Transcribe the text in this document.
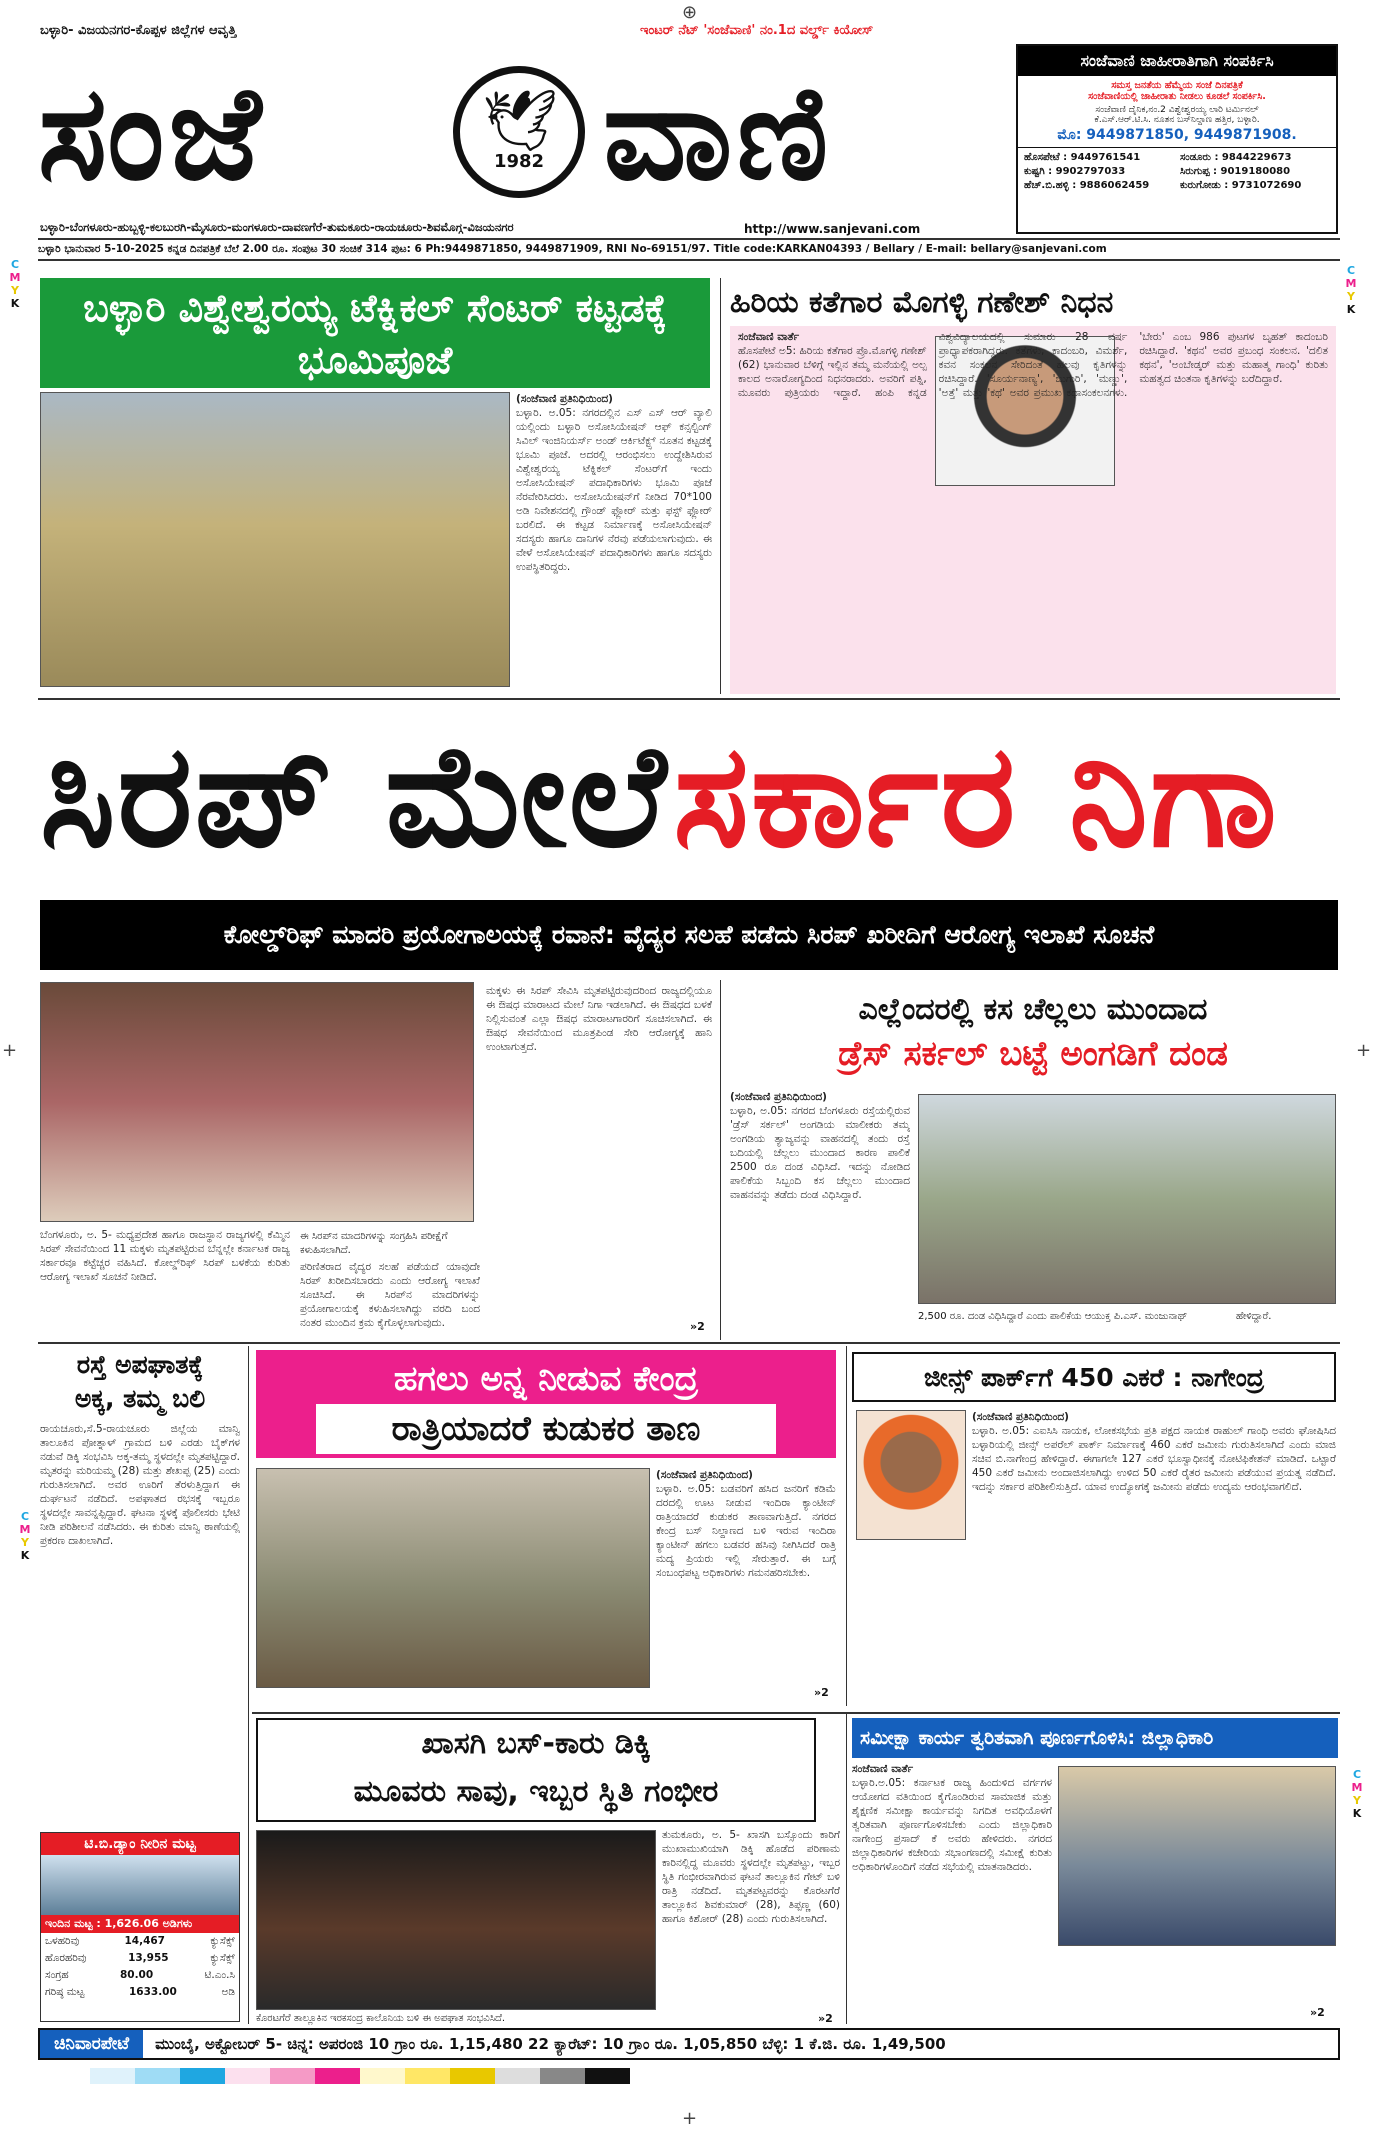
⊕
C
M
Y
K
C
M
Y
K
C
M
Y
K
C
M
Y
K
+	+
+
ಬಳ್ಳಾರಿ- ವಿಜಯನಗರ-ಕೊಪ್ಪಳ ಜಿಲ್ಲೆಗಳ ಆವೃತ್ತಿ	ಇಂಟರ್ ನೆಟ್ 'ಸಂಜೆವಾಣಿ' ನಂ.1ದ ವರ್ಲ್ಡ್ ಕಿಯೋಸ್
ಸಂಜೆ	🕊
1982 ವಾಣಿ
ಬಳ್ಳಾರಿ-ಬೆಂಗಳೂರು-ಹುಬ್ಬಳ್ಳಿ-ಕಲಬುರಗಿ-ಮೈಸೂರು-ಮಂಗಳೂರು-ದಾವಣಗೆರೆ-ತುಮಕೂರು-ರಾಯಚೂರು-ಶಿವಮೊಗ್ಗ-ವಿಜಯನಗರ	http://www.sanjevani.com
ಸಂಜೆವಾಣಿ ಜಾಹೀರಾತಿಗಾಗಿ ಸಂಪರ್ಕಿಸಿ
ಸಮಸ್ತ ಜನತೆಯ ಹೆಮ್ಮೆಯ ಸಂಜೆ ದಿನಪತ್ರಿಕೆ
ಸಂಜೆವಾಣಿಯಲ್ಲಿ ಜಾಹೀರಾತು ನೀಡಲು ಕೂಡಲೆ ಸಂಪರ್ಕಿಸಿ.
ಸಂಜೆವಾಣಿ ದೈನಿಕ,ನಂ.2 ವಿಶ್ವೇಶ್ವರಯ್ಯ ಲಾರಿ ಟರ್ಮಿನಲ್
ಕೆ.ಎಸ್.ಆರ್.ಟಿ.ಸಿ. ನೂತನ ಬಸ್‌ನಿಲ್ದಾಣ ಹತ್ತಿರ, ಬಳ್ಳಾರಿ.
ಮೊ: 9449871850, 9449871908.
ಹೊಸಪೇಟೆ : 9449761541	ಸಂಡೂರು : 9844229673
ಕುಷ್ಟಗಿ : 9902797033	ಸಿರುಗುಪ್ಪ : 9019180080
ಹೆಚ್.ಬಿ.ಹಳ್ಳಿ : 9886062459	ಕುರುಗೋಡು : 9731072690
ಬಳ್ಳಾರಿ ಭಾನುವಾರ 5-10-2025 ಕನ್ನಡ ದಿನಪತ್ರಿಕೆ ಬೆಲೆ 2.00 ರೂ. ಸಂಪುಟ 30 ಸಂಚಿಕೆ 314 ಪುಟ: 6 Ph:9449871850, 9449871909, RNI No-69151/97. Title code:KARKAN04393 / Bellary / E-mail: bellary@sanjevani.com
ಬಳ್ಳಾರಿ ವಿಶ್ವೇಶ್ವರಯ್ಯ ಟೆಕ್ನಿಕಲ್ ಸೆಂಟರ್ ಕಟ್ಟಡಕ್ಕೆ ಭೂಮಿಪೂಜೆ
(ಸಂಜೆವಾಣಿ ಪ್ರತಿನಿಧಿಯಿಂದ)
ಬಳ್ಳಾರಿ. ಅ.05: ನಗರದಲ್ಲಿನ ಎಸ್ ಎಸ್ ಆರ್ ವ್ಯಾಲಿ ಯಲ್ಲಿಂದು ಬಳ್ಳಾರಿ ಅಸೋಸಿಯೇಷನ್ ಆಫ್ ಕನ್ಸಲ್ಟಿಂಗ್ ಸಿವಿಲ್ ಇಂಜಿನಿಯರ್ಸ್ ಅಂಡ್ ಆರ್ಕಿಟೆಕ್ಟ್ಸ್ ನೂತನ ಕಟ್ಟಡಕ್ಕೆ ಭೂಮಿ ಪೂಜೆ. ಅದರಲ್ಲಿ ಆರಂಭಿಸಲು ಉದ್ದೇಶಿಸಿರುವ ವಿಶ್ವೇಶ್ವರಯ್ಯ ಟೆಕ್ನಿಕಲ್ ಸೆಂಟರ್‌ಗೆ ಇಂದು ಅಸೋಸಿಯೇಷನ್ ಪದಾಧಿಕಾರಿಗಳು ಭೂಮಿ ಪೂಜೆ ನೆರವೇರಿಸಿದರು. ಅಸೋಸಿಯೇಷನ್‌ಗೆ ನೀಡಿದ 70*100 ಅಡಿ ನಿವೇಶನದಲ್ಲಿ ಗ್ರೌಂಡ್ ಫ್ಲೋರ್ ಮತ್ತು ಫಸ್ಟ್ ಫ್ಲೋರ್ ಬರಲಿದೆ. ಈ ಕಟ್ಟಡ ನಿರ್ಮಾಣಕ್ಕೆ ಅಸೋಸಿಯೇಷನ್ ಸದಸ್ಯರು ಹಾಗೂ ದಾನಿಗಳ ನೆರವು ಪಡೆಯಲಾಗುವುದು. ಈ ವೇಳೆ ಅಸೋಸಿಯೇಷನ್ ಪದಾಧಿಕಾರಿಗಳು ಹಾಗೂ ಸದಸ್ಯರು ಉಪಸ್ಥಿತರಿದ್ದರು.
ಹಿರಿಯ ಕತೆಗಾರ ಮೊಗಳ್ಳಿ ಗಣೇಶ್ ನಿಧನ
ಸಂಜೆವಾಣಿ ವಾರ್ತೆ
ಹೊಸಪೇಟೆ ಅ5: ಹಿರಿಯ ಕತೆಗಾರ ಪ್ರೊ.ಮೊಗಳ್ಳಿ ಗಣೇಶ್ (62) ಭಾನುವಾರ ಬೆಳಿಗ್ಗೆ ಇಲ್ಲಿನ ತಮ್ಮ ಮನೆಯಲ್ಲಿ ಅಲ್ಪ ಕಾಲದ ಅನಾರೋಗ್ಯದಿಂದ ನಿಧನರಾದರು. ಅವರಿಗೆ ಪತ್ನಿ, ಮೂವರು ಪುತ್ರಿಯರು ಇದ್ದಾರೆ. ಹಂಪಿ ಕನ್ನಡ ವಿಶ್ವವಿದ್ಯಾಲಯದಲ್ಲಿ ಸುಮಾರು 28 ವರ್ಷ ಪ್ರಾಧ್ಯಾಪಕರಾಗಿದ್ದರು. ಕತೆಗಳು, ಕಾದಂಬರಿ, ವಿಮರ್ಶೆ, ಕವನ ಸಂಕಲನ ಸೇರಿದಂತೆ ಹಲವು ಕೃತಿಗಳನ್ನು ರಚಿಸಿದ್ದಾರೆ. 'ಸೂರ್ಯನಾಣ್ಯ', 'ಬುಗುರಿ', 'ಮಣ್ಣು', 'ಅತ್ತೆ' ಮತ್ತು 'ಕಥೆ' ಅವರ ಪ್ರಮುಖ ಕಥಾಸಂಕಲನಗಳು. 'ಬೇರು' ಎಂಬ 986 ಪುಟಗಳ ಬೃಹತ್ ಕಾದಂಬರಿ ರಚಿಸಿದ್ದಾರೆ. 'ಕಥನ' ಅವರ ಪ್ರಬಂಧ ಸಂಕಲನ. 'ದಲಿತ ಕಥನ', 'ಅಂಬೇಡ್ಕರ್ ಮತ್ತು ಮಹಾತ್ಮ ಗಾಂಧಿ' ಕುರಿತು ಮಹತ್ವದ ಚಿಂತನಾ ಕೃತಿಗಳನ್ನು ಬರೆದಿದ್ದಾರೆ.
ಸಿರಪ್ ಮೇಲೆ ಸರ್ಕಾರ ನಿಗಾ
ಕೋಲ್ಡ್‌ರಿಫ್ ಮಾದರಿ ಪ್ರಯೋಗಾಲಯಕ್ಕೆ ರವಾನೆ: ವೈದ್ಯರ ಸಲಹೆ ಪಡೆದು ಸಿರಪ್ ಖರೀದಿಗೆ ಆರೋಗ್ಯ ಇಲಾಖೆ ಸೂಚನೆ
ಈ ಸಿರಪ್‌ನ ಮಾದರಿಗಳನ್ನು ಸಂಗ್ರಹಿಸಿ ಪರೀಕ್ಷೆಗೆ ಕಳುಹಿಸಲಾಗಿದೆ.
ಬೆಂಗಳೂರು, ಅ. 5- ಮಧ್ಯಪ್ರದೇಶ ಹಾಗೂ ರಾಜಸ್ಥಾನ ರಾಜ್ಯಗಳಲ್ಲಿ ಕೆಮ್ಮಿನ ಸಿರಪ್ ಸೇವನೆಯಿಂದ 11 ಮಕ್ಕಳು ಮೃತಪಟ್ಟಿರುವ ಬೆನ್ನಲ್ಲೇ ಕರ್ನಾಟಕ ರಾಜ್ಯ ಸರ್ಕಾರವೂ ಕಟ್ಟೆಚ್ಚರ ವಹಿಸಿದೆ. ಕೋಲ್ಡ್‌ರಿಫ್ ಸಿರಪ್ ಬಳಕೆಯ ಕುರಿತು ಆರೋಗ್ಯ ಇಲಾಖೆ ಸೂಚನೆ ನೀಡಿದೆ.
ಪರಿಣಿತರಾದ ವೈದ್ಯರ ಸಲಹೆ ಪಡೆಯದೆ ಯಾವುದೇ ಸಿರಪ್ ಖರೀದಿಸಬಾರದು ಎಂದು ಆರೋಗ್ಯ ಇಲಾಖೆ ಸೂಚಿಸಿದೆ. ಈ ಸಿರಪ್‌ನ ಮಾದರಿಗಳನ್ನು ಪ್ರಯೋಗಾಲಯಕ್ಕೆ ಕಳುಹಿಸಲಾಗಿದ್ದು ವರದಿ ಬಂದ ನಂತರ ಮುಂದಿನ ಕ್ರಮ ಕೈಗೊಳ್ಳಲಾಗುವುದು.
ಮಕ್ಕಳು ಈ ಸಿರಪ್ ಸೇವಿಸಿ ಮೃತಪಟ್ಟಿರುವುದರಿಂದ ರಾಜ್ಯದಲ್ಲಿಯೂ ಈ ಔಷಧ ಮಾರಾಟದ ಮೇಲೆ ನಿಗಾ ಇಡಲಾಗಿದೆ. ಈ ಔಷಧದ ಬಳಕೆ ನಿಲ್ಲಿಸುವಂತೆ ಎಲ್ಲಾ ಔಷಧ ಮಾರಾಟಗಾರರಿಗೆ ಸೂಚಿಸಲಾಗಿದೆ. ಈ ಔಷಧ ಸೇವನೆಯಿಂದ ಮೂತ್ರಪಿಂಡ ಸೇರಿ ಆರೋಗ್ಯಕ್ಕೆ ಹಾನಿ ಉಂಟಾಗುತ್ತದೆ.
»2
ಎಲ್ಲೆಂದರಲ್ಲಿ ಕಸ ಚೆಲ್ಲಲು ಮುಂದಾದ
ಡ್ರೆಸ್ ಸರ್ಕಲ್ ಬಟ್ಟೆ ಅಂಗಡಿಗೆ ದಂಡ
(ಸಂಜೆವಾಣಿ ಪ್ರತಿನಿಧಿಯಿಂದ)
ಬಳ್ಳಾರಿ, ಅ.05: ನಗರದ ಬೆಂಗಳೂರು ರಸ್ತೆಯಲ್ಲಿರುವ 'ಡ್ರೆಸ್ ಸರ್ಕಲ್' ಅಂಗಡಿಯ ಮಾಲೀಕರು ತಮ್ಮ ಅಂಗಡಿಯ ತ್ಯಾಜ್ಯವನ್ನು ವಾಹನದಲ್ಲಿ ತಂದು ರಸ್ತೆ ಬದಿಯಲ್ಲಿ ಚೆಲ್ಲಲು ಮುಂದಾದ ಕಾರಣ ಪಾಲಿಕೆ 2500 ರೂ ದಂಡ ವಿಧಿಸಿದೆ. ಇದನ್ನು ನೋಡಿದ ಪಾಲಿಕೆಯ ಸಿಬ್ಬಂದಿ ಕಸ ಚೆಲ್ಲಲು ಮುಂದಾದ ವಾಹನವನ್ನು ತಡೆದು ದಂಡ ವಿಧಿಸಿದ್ದಾರೆ.
2,500 ರೂ. ದಂಡ ವಿಧಿಸಿದ್ದಾರೆ ಎಂದು ಪಾಲಿಕೆಯ ಆಯುಕ್ತ ಪಿ.ಎಸ್. ಮಂಜುನಾಥ್	ಹೇಳಿದ್ದಾರೆ.
ರಸ್ತೆ ಅಪಘಾತಕ್ಕೆ
ಅಕ್ಕ, ತಮ್ಮ ಬಲಿ
ರಾಯಚೂರು,ಸೆ.5-ರಾಯಚೂರು ಜಿಲ್ಲೆಯ ಮಾನ್ವಿ ತಾಲೂಕಿನ ಪೋತ್ನಾಳ್ ಗ್ರಾಮದ ಬಳಿ ಎರಡು ಬೈಕ್‌ಗಳ ನಡುವೆ ಡಿಕ್ಕಿ ಸಂಭವಿಸಿ ಅಕ್ಕ-ತಮ್ಮ ಸ್ಥಳದಲ್ಲೇ ಮೃತಪಟ್ಟಿದ್ದಾರೆ. ಮೃತರನ್ನು ಮರಿಯಮ್ಮ (28) ಮತ್ತು ಶೇಖಪ್ಪ (25) ಎಂದು ಗುರುತಿಸಲಾಗಿದೆ. ಅವರ ಊರಿಗೆ ತೆರಳುತ್ತಿದ್ದಾಗ ಈ ದುರ್ಘಟನೆ ನಡೆದಿದೆ. ಅಪಘಾತದ ರಭಸಕ್ಕೆ ಇಬ್ಬರೂ ಸ್ಥಳದಲ್ಲೇ ಸಾವನ್ನಪ್ಪಿದ್ದಾರೆ. ಘಟನಾ ಸ್ಥಳಕ್ಕೆ ಪೊಲೀಸರು ಭೇಟಿ ನೀಡಿ ಪರಿಶೀಲನೆ ನಡೆಸಿದರು. ಈ ಕುರಿತು ಮಾನ್ವಿ ಠಾಣೆಯಲ್ಲಿ ಪ್ರಕರಣ ದಾಖಲಾಗಿದೆ.
ಟಿ.ಬಿ.ಡ್ಯಾಂ ನೀರಿನ ಮಟ್ಟ
ಇಂದಿನ ಮಟ್ಟ : 1,626.06 ಅಡಿಗಳು
ಒಳಹರಿವು	14,467	ಕ್ಯುಸೆಕ್ಸ್
ಹೊರಹರಿವು	13,955	ಕ್ಯುಸೆಕ್ಸ್
ಸಂಗ್ರಹ	80.00	ಟಿ.ಎಂ.ಸಿ
ಗರಿಷ್ಠ ಮಟ್ಟ	1633.00	ಅಡಿ
ಹಗಲು ಅನ್ನ ನೀಡುವ ಕೇಂದ್ರ
ರಾತ್ರಿಯಾದರೆ ಕುಡುಕರ ತಾಣ
(ಸಂಜೆವಾಣಿ ಪ್ರತಿನಿಧಿಯಿಂದ)
ಬಳ್ಳಾರಿ. ಅ.05: ಬಡವರಿಗೆ ಹಸಿದ ಜನರಿಗೆ ಕಡಿಮೆ ದರದಲ್ಲಿ ಊಟ ನೀಡುವ ಇಂದಿರಾ ಕ್ಯಾಂಟೀನ್ ರಾತ್ರಿಯಾದರೆ ಕುಡುಕರ ತಾಣವಾಗುತ್ತಿದೆ. ನಗರದ ಕೇಂದ್ರ ಬಸ್ ನಿಲ್ದಾಣದ ಬಳಿ ಇರುವ ಇಂದಿರಾ ಕ್ಯಾಂಟೀನ್ ಹಗಲು ಬಡವರ ಹಸಿವು ನೀಗಿಸಿದರೆ ರಾತ್ರಿ ಮದ್ಯ ಪ್ರಿಯರು ಇಲ್ಲಿ ಸೇರುತ್ತಾರೆ. ಈ ಬಗ್ಗೆ ಸಂಬಂಧಪಟ್ಟ ಅಧಿಕಾರಿಗಳು ಗಮನಹರಿಸಬೇಕು.
»2
ಜೀನ್ಸ್ ಪಾರ್ಕ್‌ಗೆ 450 ಎಕರೆ : ನಾಗೇಂದ್ರ
(ಸಂಜೆವಾಣಿ ಪ್ರತಿನಿಧಿಯಿಂದ)
ಬಳ್ಳಾರಿ. ಅ.05: ಎಐಸಿಸಿ ನಾಯಕ, ಲೋಕಸಭೆಯ ಪ್ರತಿ ಪಕ್ಷದ ನಾಯಕ ರಾಹುಲ್ ಗಾಂಧಿ ಅವರು ಘೋಷಿಸಿದ ಬಳ್ಳಾರಿಯಲ್ಲಿ ಜೀನ್ಸ್ ಅಪರೆಲ್ ಪಾರ್ಕ್ ನಿರ್ಮಾಣಕ್ಕೆ 460 ಎಕರೆ ಜಮೀನು ಗುರುತಿಸಲಾಗಿದೆ ಎಂದು ಮಾಜಿ ಸಚಿವ ಬಿ.ನಾಗೇಂದ್ರ ಹೇಳಿದ್ದಾರೆ. ಈಗಾಗಲೇ 127 ಎಕರೆ ಭೂಸ್ವಾಧೀನಕ್ಕೆ ನೋಟಿಫಿಕೇಶನ್ ಮಾಡಿದೆ. ಒಟ್ಟಾರೆ 450 ಎಕರೆ ಜಮೀನು ಅಂದಾಜಿಸಲಾಗಿದ್ದು ಉಳಿದ 50 ಎಕರೆ ರೈತರ ಜಮೀನು ಪಡೆಯುವ ಪ್ರಯತ್ನ ನಡೆದಿದೆ. ಇದನ್ನು ಸರ್ಕಾರ ಪರಿಶೀಲಿಸುತ್ತಿದೆ. ಯಾವ ಉದ್ಯೋಗಕ್ಕೆ ಜಮೀನು ಪಡೆದು ಉದ್ಯಮ ಆರಂಭವಾಗಲಿದೆ.
ಖಾಸಗಿ ಬಸ್-ಕಾರು ಡಿಕ್ಕಿ
ಮೂವರು ಸಾವು, ಇಬ್ಬರ ಸ್ಥಿತಿ ಗಂಭೀರ
ತುಮಕೂರು, ಅ. 5- ಖಾಸಗಿ ಬಸ್ಸೊಂದು ಕಾರಿಗೆ ಮುಖಾಮುಖಿಯಾಗಿ ಡಿಕ್ಕಿ ಹೊಡೆದ ಪರಿಣಾಮ ಕಾರಿನಲ್ಲಿದ್ದ ಮೂವರು ಸ್ಥಳದಲ್ಲೇ ಮೃತಪಟ್ಟು, ಇಬ್ಬರ ಸ್ಥಿತಿ ಗಂಭೀರವಾಗಿರುವ ಘಟನೆ ತಾಲ್ಲೂಕಿನ ಗೇಟ್ ಬಳಿ ರಾತ್ರಿ ನಡೆದಿದೆ. ಮೃತಪಟ್ಟವರನ್ನು ಕೊರಟಗೆರೆ ತಾಲ್ಲೂಕಿನ ಶಿವಕುಮಾರ್ (28), ತಿಪ್ಪಣ್ಣ (60) ಹಾಗೂ ಕಿಶೋರ್ (28) ಎಂದು ಗುರುತಿಸಲಾಗಿದೆ.
ಕೊರಟಗೆರೆ ತಾಲ್ಲೂಕಿನ ಇರಕಸಂದ್ರ ಕಾಲೊನಿಯ ಬಳಿ ಈ ಅಪಘಾತ ಸಂಭವಿಸಿದೆ.	»2
ಸಮೀಕ್ಷಾ ಕಾರ್ಯ ತ್ವರಿತವಾಗಿ ಪೂರ್ಣಗೊಳಿಸಿ: ಜಿಲ್ಲಾಧಿಕಾರಿ
ಸಂಜೆವಾಣಿ ವಾರ್ತೆ
ಬಳ್ಳಾರಿ.ಅ.05: ಕರ್ನಾಟಕ ರಾಜ್ಯ ಹಿಂದುಳಿದ ವರ್ಗಗಳ ಆಯೋಗದ ವತಿಯಿಂದ ಕೈಗೊಂಡಿರುವ ಸಾಮಾಜಿಕ ಮತ್ತು ಶೈಕ್ಷಣಿಕ ಸಮೀಕ್ಷಾ ಕಾರ್ಯವನ್ನು ನಿಗದಿತ ಅವಧಿಯೊಳಗೆ ತ್ವರಿತವಾಗಿ ಪೂರ್ಣಗೊಳಿಸಬೇಕು ಎಂದು ಜಿಲ್ಲಾಧಿಕಾರಿ ನಾಗೇಂದ್ರ ಪ್ರಸಾದ್ ಕೆ ಅವರು ಹೇಳಿದರು. ನಗರದ ಜಿಲ್ಲಾಧಿಕಾರಿಗಳ ಕಚೇರಿಯ ಸಭಾಂಗಣದಲ್ಲಿ ಸಮೀಕ್ಷೆ ಕುರಿತು ಅಧಿಕಾರಿಗಳೊಂದಿಗೆ ನಡೆದ ಸಭೆಯಲ್ಲಿ ಮಾತನಾಡಿದರು.
»2
ಚಿನಿವಾರಪೇಟೆ	ಮುಂಬೈ, ಅಕ್ಟೋಬರ್ 5- ಚಿನ್ನ: ಅಪರಂಜಿ 10 ಗ್ರಾಂ ರೂ. 1,15,480 22 ಕ್ಯಾರೆಟ್: 10 ಗ್ರಾಂ ರೂ. 1,05,850 ಬೆಳ್ಳಿ: 1 ಕೆ.ಜಿ. ರೂ. 1,49,500
